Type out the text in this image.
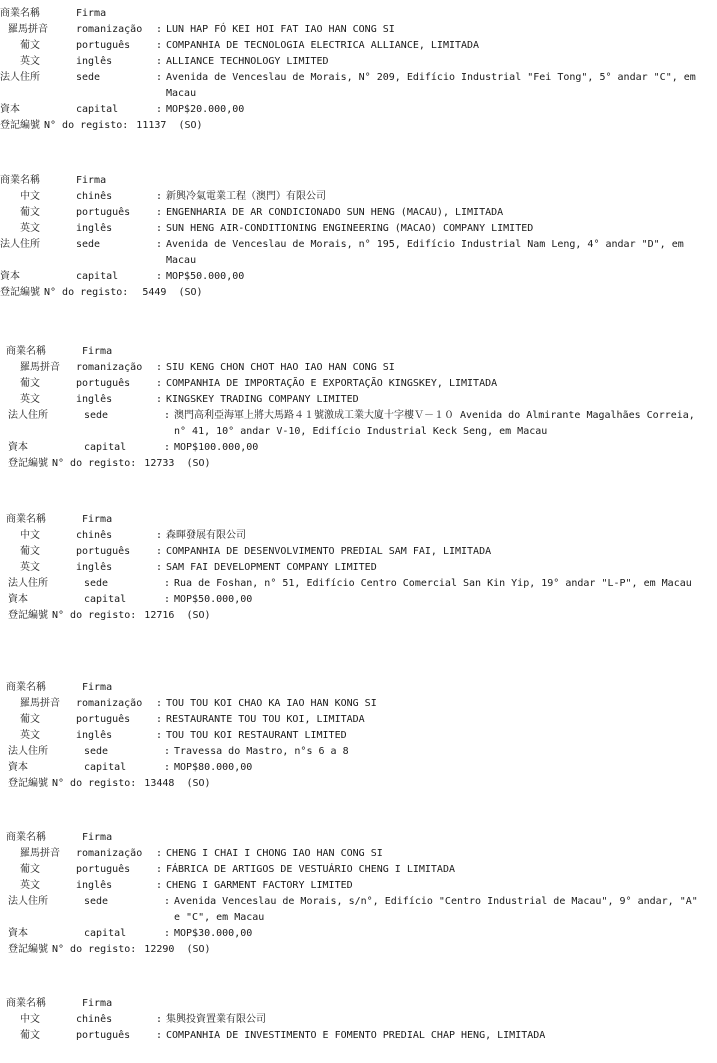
商業名稱	Firma
羅馬拼音	romanização	: LUN HAP FÓ KEI HOI FAT IAO HAN CONG SI
葡文	português	: COMPANHIA DE TECNOLOGIA ELECTRICA ALLIANCE, LIMITADA
英文	inglês	: ALLIANCE TECHNOLOGY LIMITED
法人住所	sede	: Avenida de Venceslau de Morais, N° 209, Edifício Industrial "Fei Tong", 5° andar "C", em Macau
資本	capital	: MOP$20.000,00
登記編號 N° do registo: 11137  (SO)
商業名稱	Firma
中文	chinês	: 新興冷氣電業工程（澳門）有限公司
葡文	português	: ENGENHARIA DE AR CONDICIONADO SUN HENG (MACAU), LIMITADA
英文	inglês	: SUN HENG AIR-CONDITIONING ENGINEERING (MACAO) COMPANY LIMITED
法人住所	sede	: Avenida de Venceslau de Morais, n° 195, Edifício Industrial Nam Leng, 4° andar "D", em Macau
資本	capital	: MOP$50.000,00
登記編號 N° do registo: 5449  (SO)
商業名稱	Firma
羅馬拼音	romanização	: SIU KENG CHON CHOT HAO IAO HAN CONG SI
葡文	português	: COMPANHIA DE IMPORTAÇÃO E EXPORTAÇÃO KINGSKEY, LIMITADA
英文	inglês	: KINGSKEY TRADING COMPANY LIMITED
法人住所	sede	: 澳門高利亞海軍上將大馬路４１號激成工業大廈十字樓Ｖ－１０ Avenida do Almirante Magalhães Correia, n° 41, 10° andar V-10, Edifício Industrial Keck Seng, em Macau
資本	capital	: MOP$100.000,00
登記編號 N° do registo: 12733  (SO)
商業名稱	Firma
中文	chinês	: 森暉發展有限公司
葡文	português	: COMPANHIA DE DESENVOLVIMENTO PREDIAL SAM FAI, LIMITADA
英文	inglês	: SAM FAI DEVELOPMENT COMPANY LIMITED
法人住所	sede	: Rua de Foshan, n° 51, Edifício Centro Comercial San Kin Yip, 19° andar "L-P", em Macau
資本	capital	: MOP$50.000,00
登記編號 N° do registo: 12716  (SO)
商業名稱	Firma
羅馬拼音	romanização	: TOU TOU KOI CHAO KA IAO HAN KONG SI
葡文	português	: RESTAURANTE TOU TOU KOI, LIMITADA
英文	inglês	: TOU TOU KOI RESTAURANT LIMITED
法人住所	sede	: Travessa do Mastro, n°s 6 a 8
資本	capital	: MOP$80.000,00
登記編號 N° do registo: 13448  (SO)
商業名稱	Firma
羅馬拼音	romanização	: CHENG I CHAI I CHONG IAO HAN CONG SI
葡文	português	: FÁBRICA DE ARTIGOS DE VESTUÁRIO CHENG I LIMITADA
英文	inglês	: CHENG I GARMENT FACTORY LIMITED
法人住所	sede	: Avenida Venceslau de Morais, s/n°, Edifício "Centro Industrial de Macau", 9° andar, "A" e "C", em Macau
資本	capital	: MOP$30.000,00
登記編號 N° do registo: 12290  (SO)
商業名稱	Firma
中文	chinês	: 集興投資置業有限公司
葡文	português	: COMPANHIA DE INVESTIMENTO E FOMENTO PREDIAL CHAP HENG, LIMITADA
